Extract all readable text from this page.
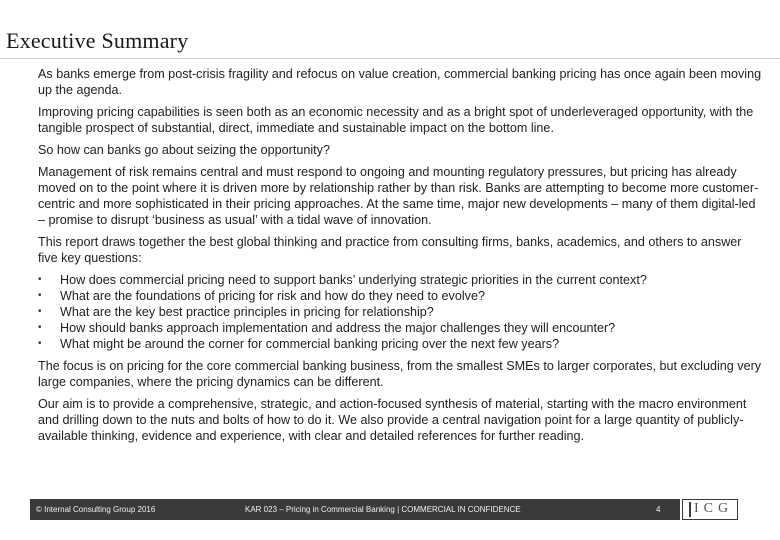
Executive Summary

As banks emerge from post-crisis fragility and refocus on value creation, commercial banking pricing has once again been moving up the agenda.

Improving pricing capabilities is seen both as an economic necessity and as a bright spot of underleveraged opportunity, with the tangible prospect of substantial, direct, immediate and sustainable impact on the bottom line.

So how can banks go about seizing the opportunity?

Management of risk remains central and must respond to ongoing and mounting regulatory pressures, but pricing has already moved on to the point where it is driven more by relationship rather by than risk. Banks are attempting to become more customer-centric and more sophisticated in their pricing approaches. At the same time, major new developments – many of them digital-led – promise to disrupt ‘business as usual’ with a tidal wave of innovation.

This report draws together the best global thinking and practice from consulting firms, banks, academics, and others to answer five key questions:

• How does commercial pricing need to support banks’ underlying strategic priorities in the current context?
• What are the foundations of pricing for risk and how do they need to evolve?
• What are the key best practice principles in pricing for relationship?
• How should banks approach implementation and address the major challenges they will encounter?
• What might be around the corner for commercial banking pricing over the next few years?

The focus is on pricing for the core commercial banking business, from the smallest SMEs to larger corporates, but excluding very large companies, where the pricing dynamics can be different.

Our aim is to provide a comprehensive, strategic, and action-focused synthesis of material, starting with the macro environment and drilling down to the nuts and bolts of how to do it. We also provide a central navigation point for a large quantity of publicly-available thinking, evidence and experience, with clear and detailed references for further reading.

© Internal Consulting Group 2016	KAR 023 – Pricing in Commercial Banking | COMMERCIAL IN CONFIDENCE	4 ICG
